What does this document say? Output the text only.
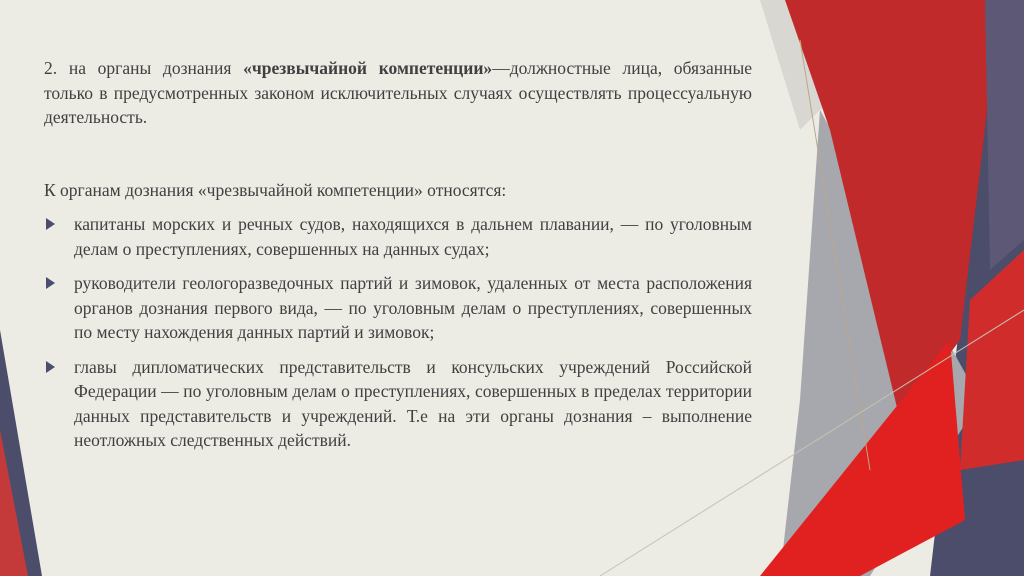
2. на органы дознания «чрезвычайной компетенции»—должностные лица, обязанные только в предусмотренных законом исключительных случаях осуществлять процессуальную деятельность.
К органам дознания «чрезвычайной компетенции» относятся:
капитаны морских и речных судов, находящихся в дальнем плавании, — по уголовным делам о преступлениях, совершенных на данных судах;
руководители геологоразведочных партий и зимовок, удаленных от места расположения органов дознания первого вида, — по уголовным делам о преступлениях, совершенных по месту нахождения данных партий и зимовок;
главы дипломатических представительств и консульских учреждений Российской Федерации — по уголовным делам о преступлениях, совершенных в пределах территории данных представительств и учреждений. Т.е на эти органы дознания – выполнение неотложных следственных действий.
